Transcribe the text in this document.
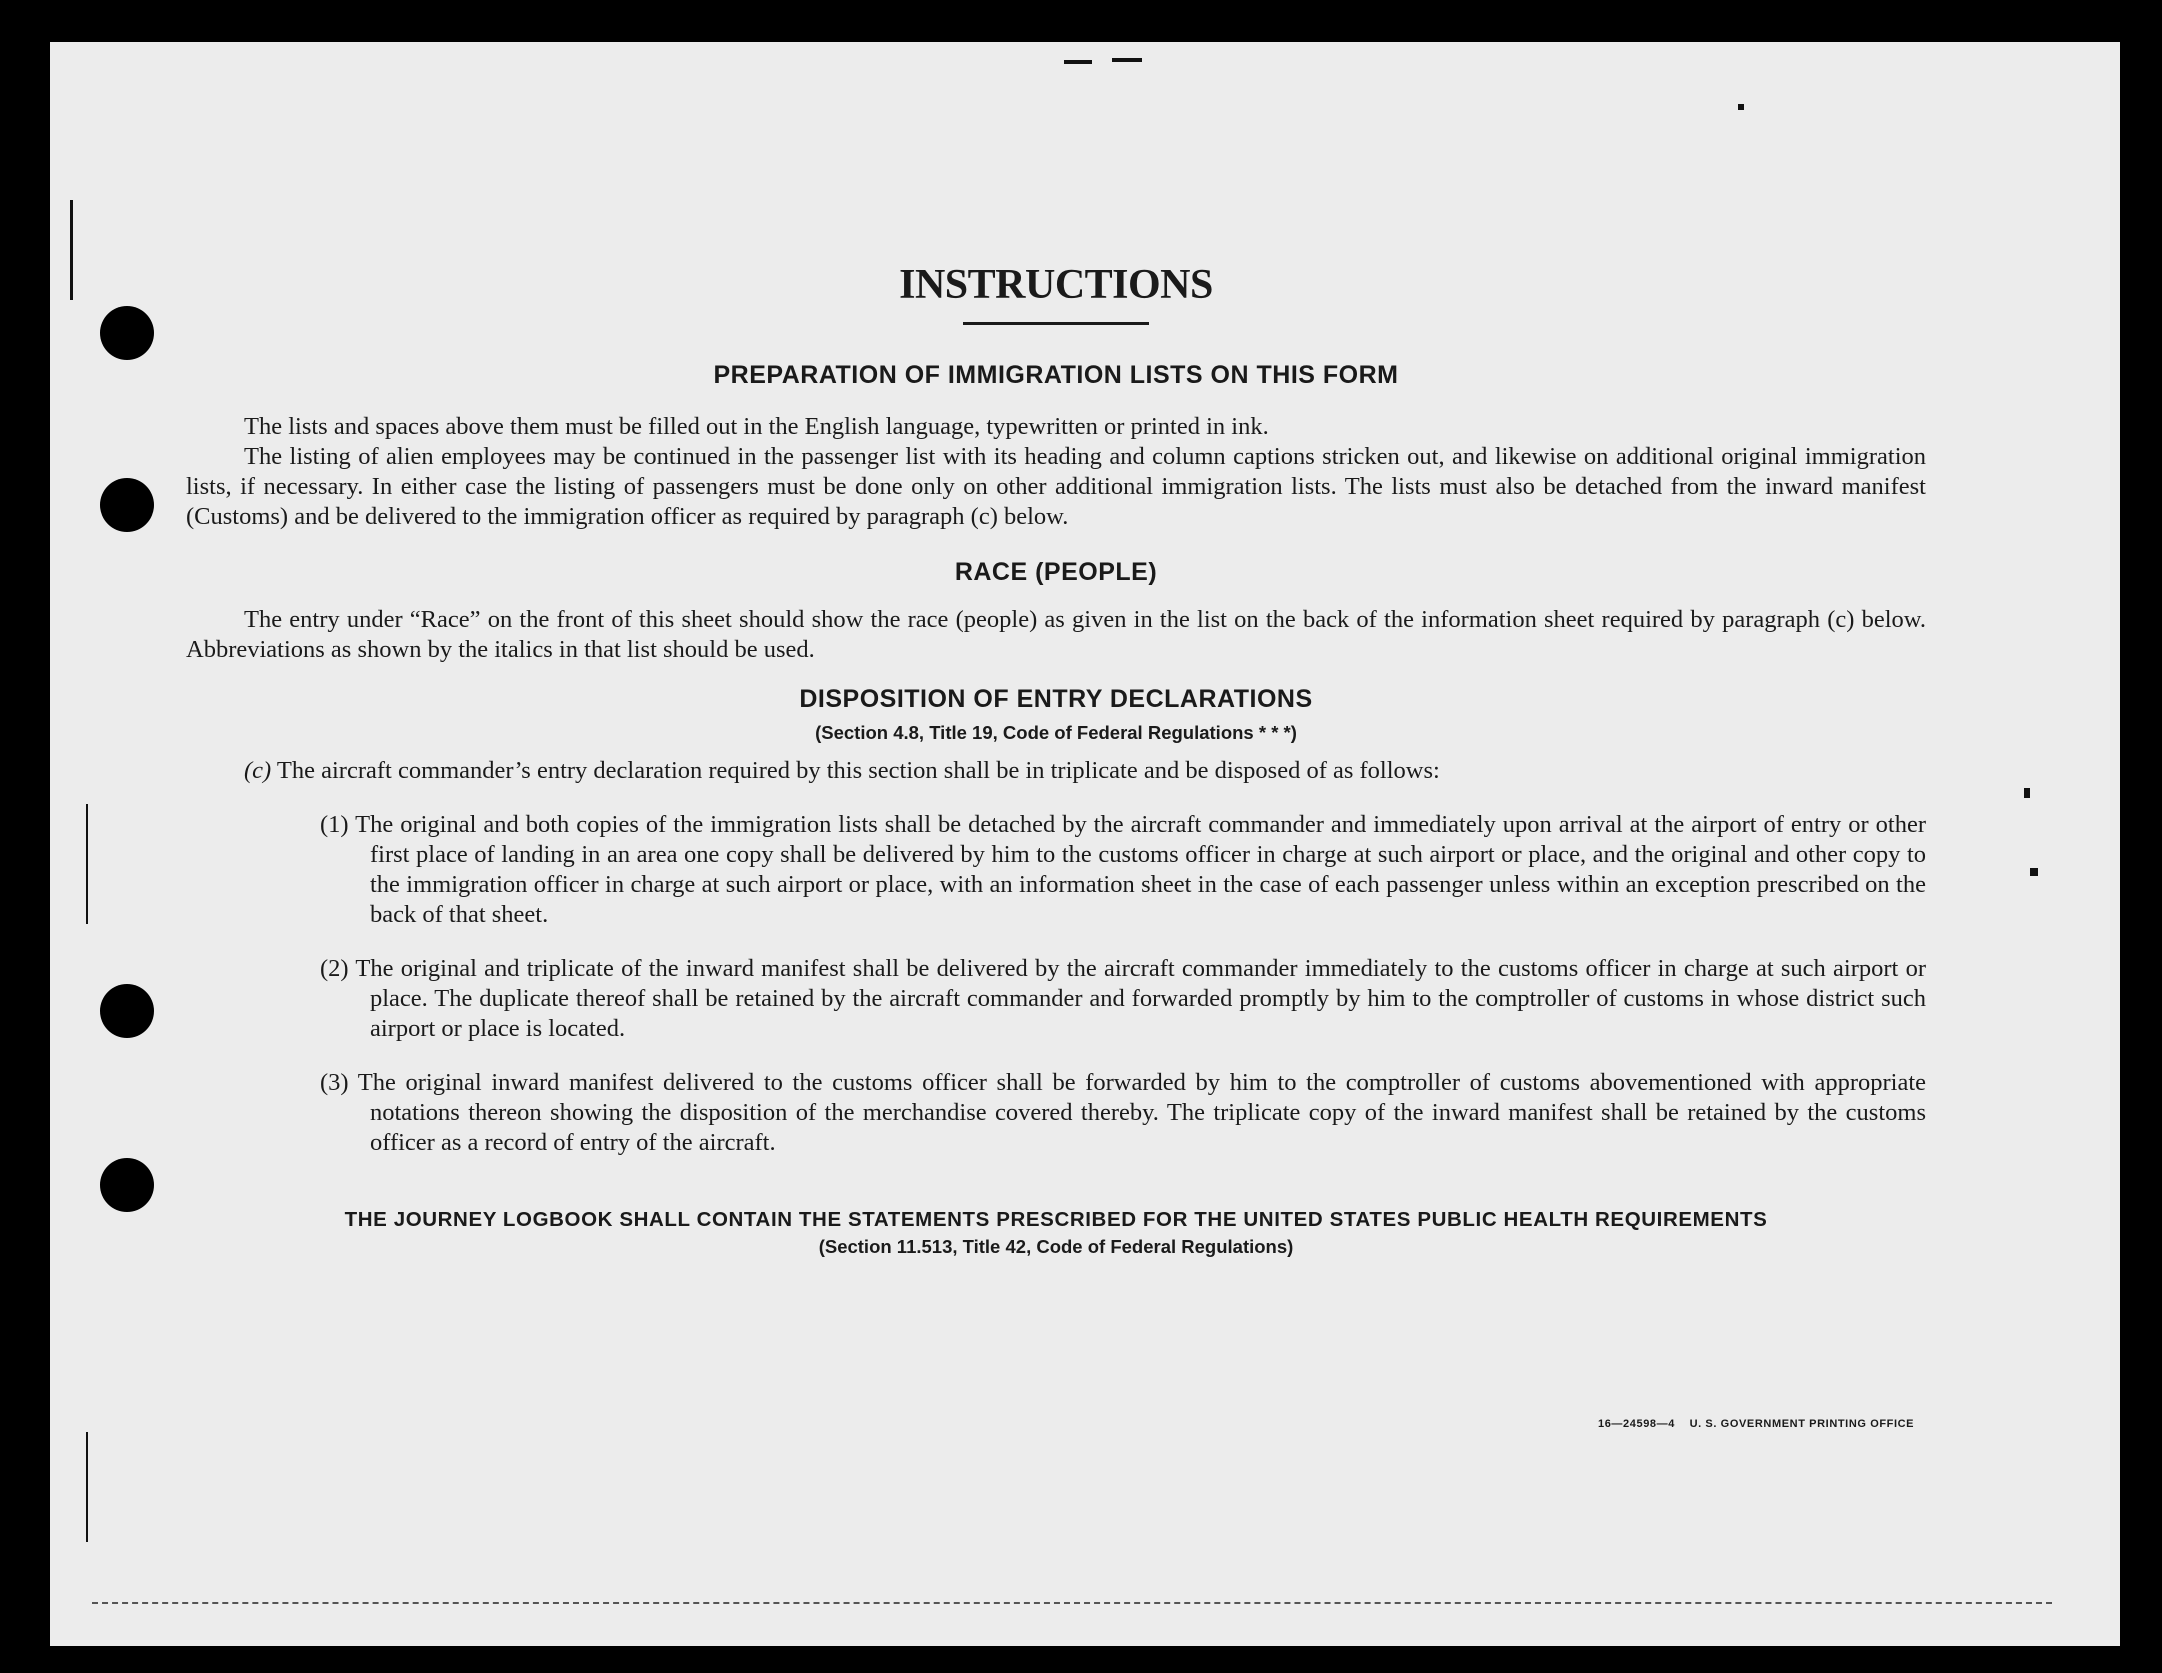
16—24598—4 U. S. GOVERNMENT PRINTING OFFICE
INSTRUCTIONS
PREPARATION OF IMMIGRATION LISTS ON THIS FORM

The lists and spaces above them must be filled out in the English language, typewritten or printed in ink.

The listing of alien employees may be continued in the passenger list with its heading and column captions stricken out, and likewise on additional original immigration lists, if necessary. In either case the listing of passengers must be done only on other additional immigration lists. The lists must also be detached from the inward manifest (Customs) and be delivered to the immigration officer as required by paragraph (c) below.

RACE (PEOPLE)

The entry under “Race” on the front of this sheet should show the race (people) as given in the list on the back of the information sheet required by paragraph (c) below. Abbreviations as shown by the italics in that list should be used.

DISPOSITION OF ENTRY DECLARATIONS
(Section 4.8, Title 19, Code of Federal Regulations * * *)
(c) The aircraft commander’s entry declaration required by this section shall be in triplicate and be disposed of as follows:

(1) The original and both copies of the immigration lists shall be detached by the aircraft commander and immediately upon arrival at the airport of entry or other first place of landing in an area one copy shall be delivered by him to the customs officer in charge at such airport or place, and the original and other copy to the immigration officer in charge at such airport or place, with an information sheet in the case of each passenger unless within an exception prescribed on the back of that sheet.

(2) The original and triplicate of the inward manifest shall be delivered by the aircraft commander immediately to the customs officer in charge at such airport or place. The duplicate thereof shall be retained by the aircraft commander and forwarded promptly by him to the comptroller of customs in whose district such airport or place is located.

(3) The original inward manifest delivered to the customs officer shall be forwarded by him to the comptroller of customs abovementioned with appropriate notations thereon showing the disposition of the merchandise covered thereby. The triplicate copy of the inward manifest shall be retained by the customs officer as a record of entry of the aircraft.

THE JOURNEY LOGBOOK SHALL CONTAIN THE STATEMENTS PRESCRIBED FOR THE UNITED STATES PUBLIC HEALTH REQUIREMENTS
(Section 11.513, Title 42, Code of Federal Regulations)
